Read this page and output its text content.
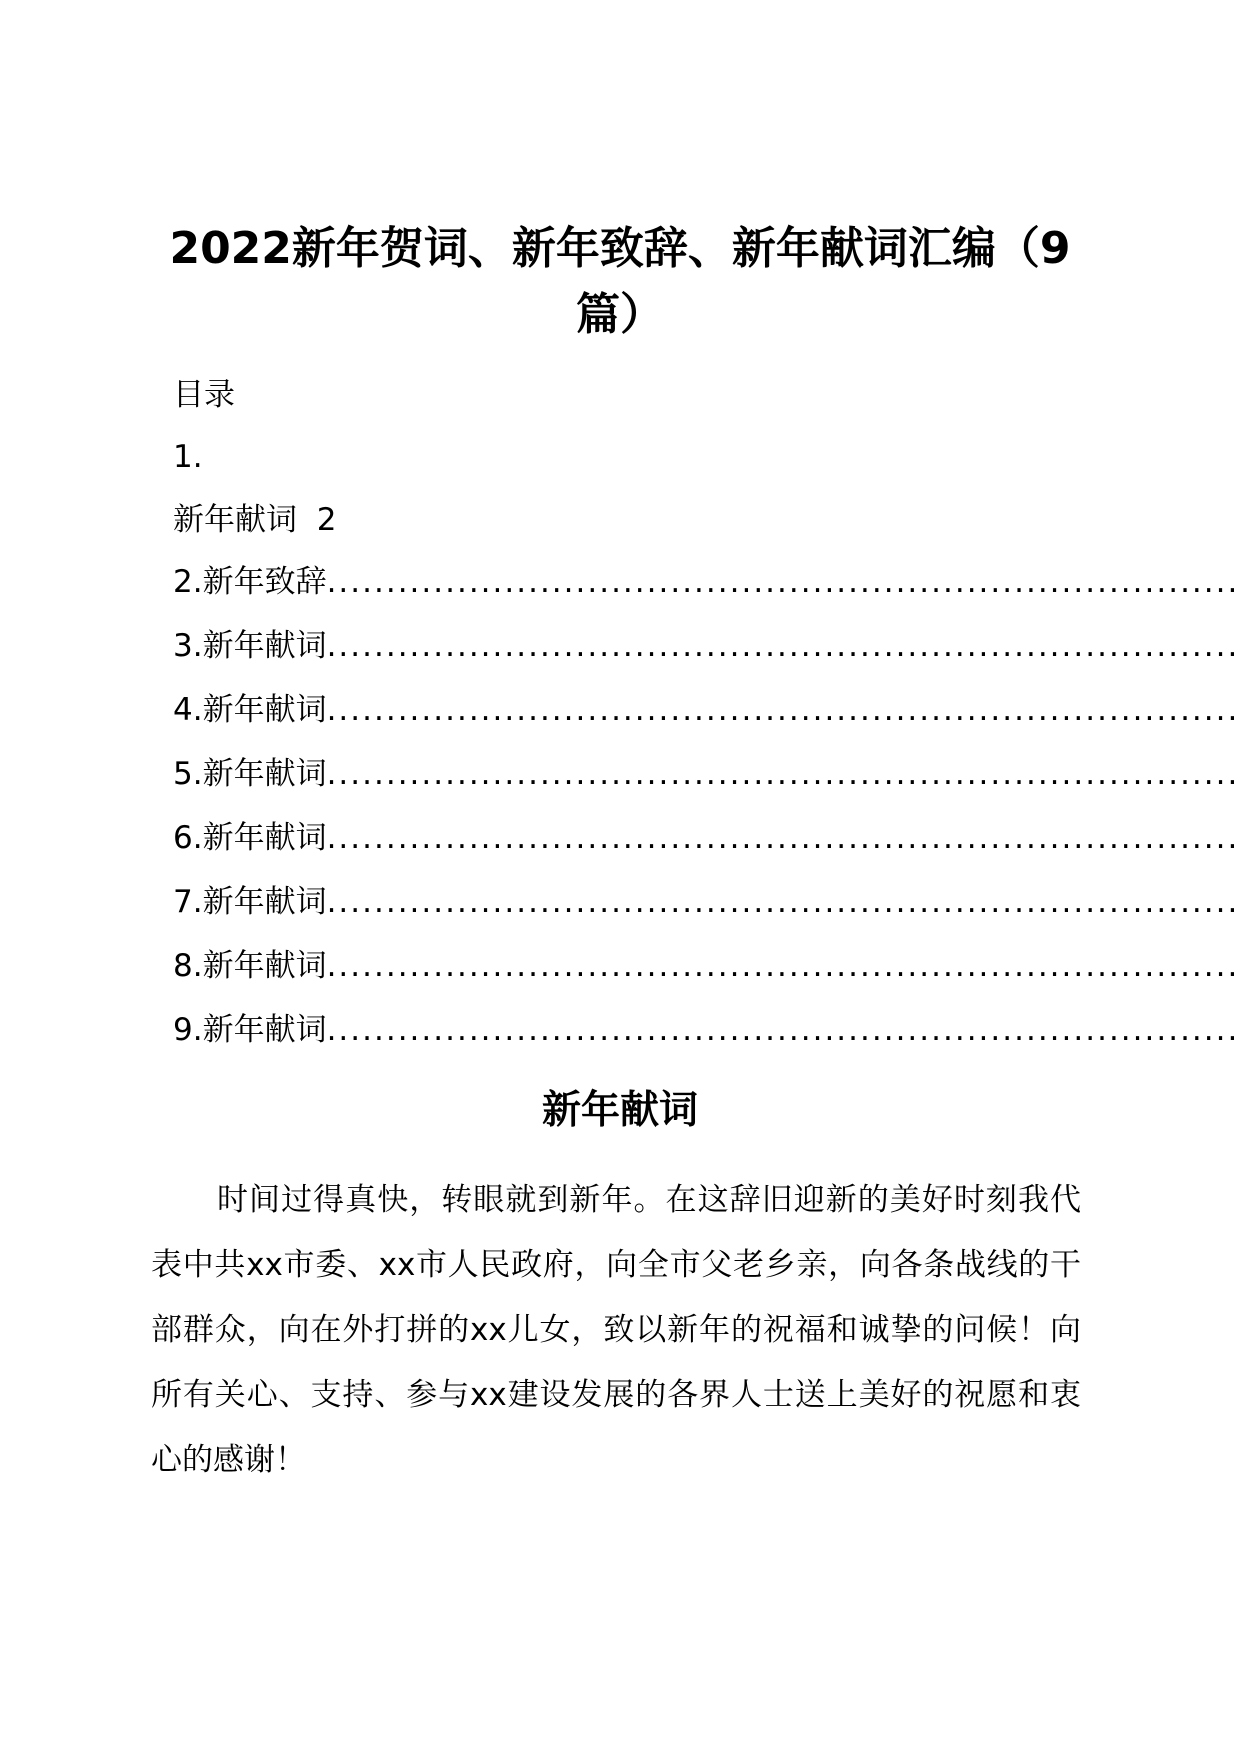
2022新年贺词、新年致辞、新年献词汇编（9篇）

目录

1.

新年献词  2

2. 新年致辞
.....
3. 新年献词
.....
4. 新年献词
.....
5. 新年献词
.....
6. 新年献词
.....
7. 新年献词
.....
8. 新年献词
.....
9. 新年献词
.....
新年献词

时间过得真快，转眼就到新年。在这辞旧迎新的美好时刻我代表中共xx市委、xx市人民政府，向全市父老乡亲，向各条战线的干部群众，向在外打拼的xx儿女，致以新年的祝福和诚挚的问候！向所有关心、支持、参与xx建设发展的各界人士送上美好的祝愿和衷心的感谢！
